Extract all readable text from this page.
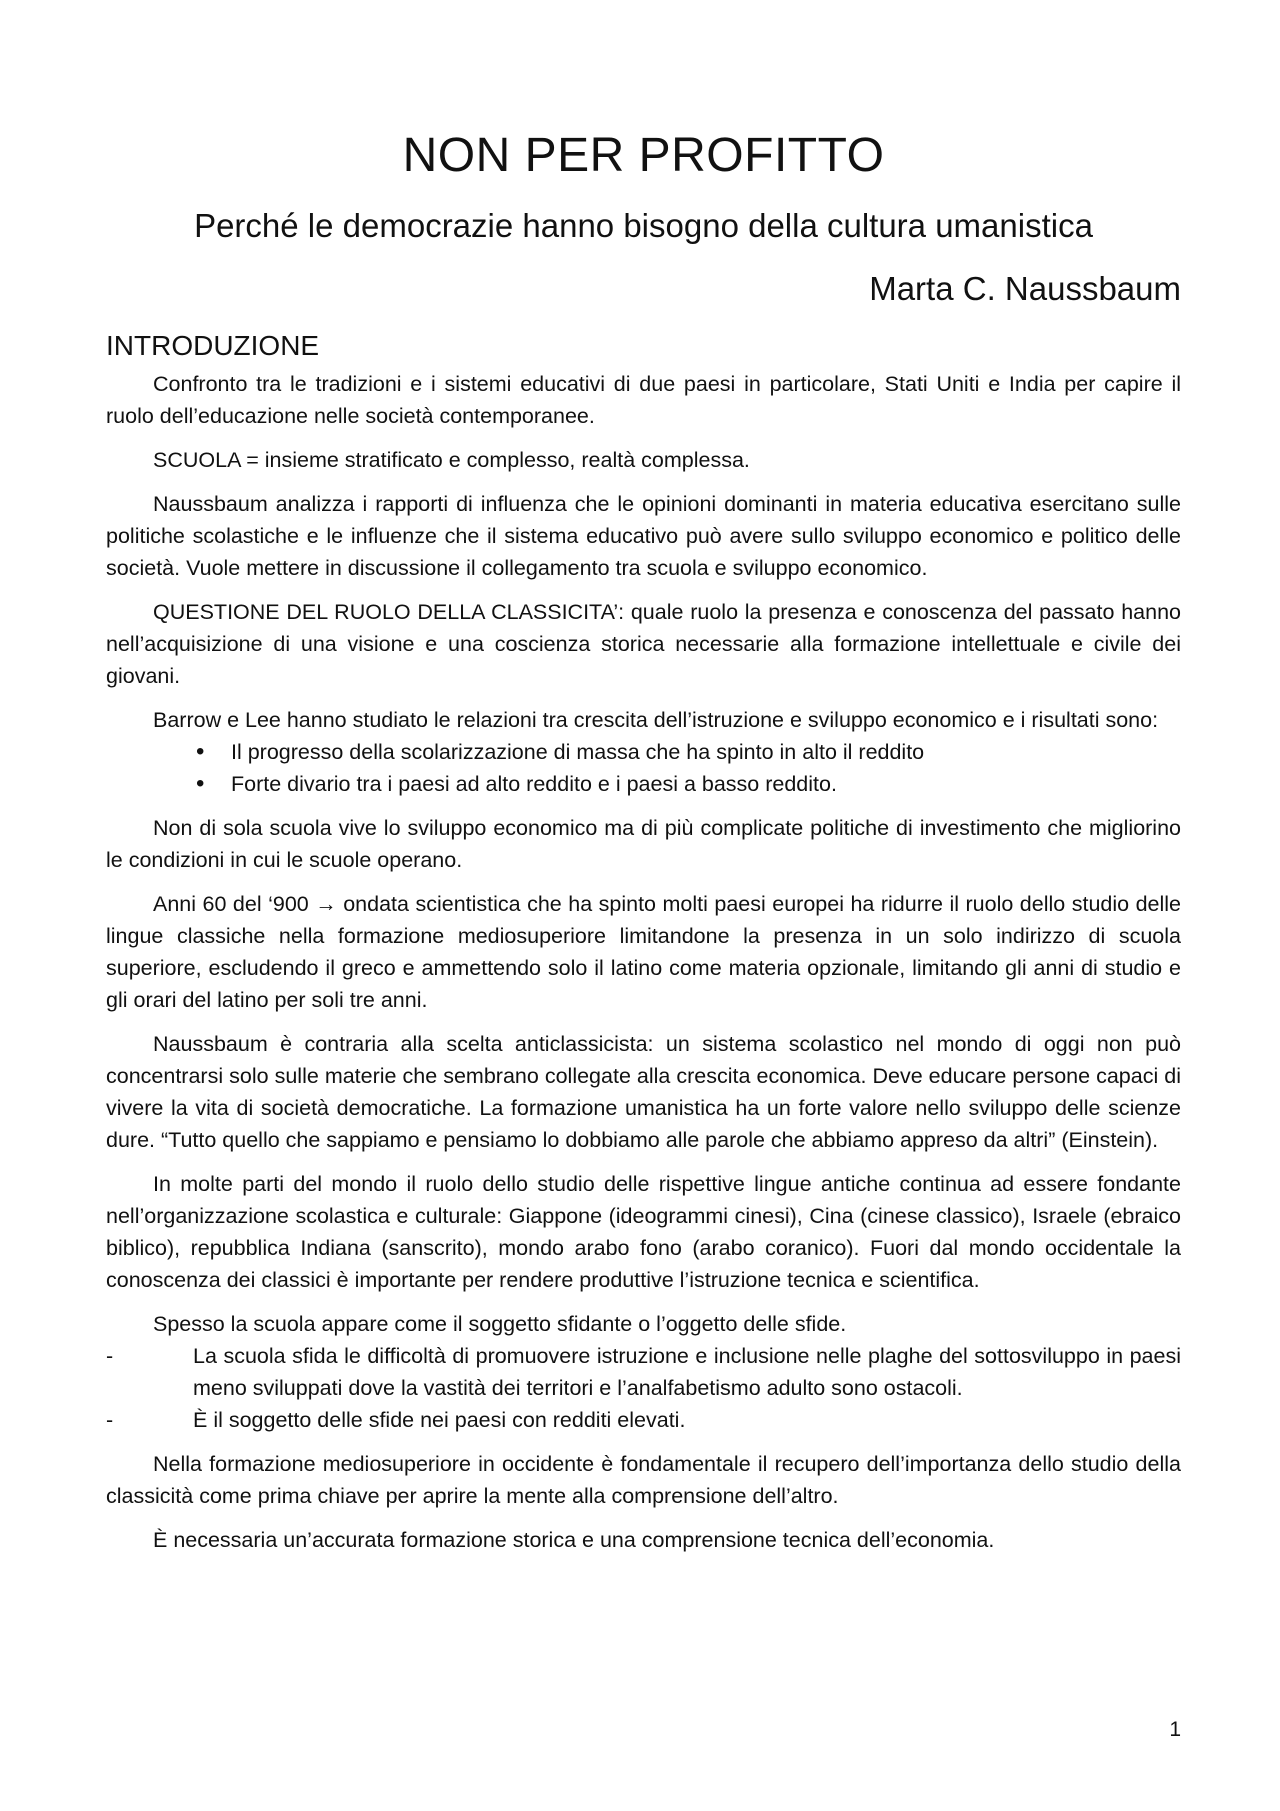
NON PER PROFITTO
Perché le democrazie hanno bisogno della cultura umanistica
Marta C. Naussbaum
INTRODUZIONE

Confronto tra le tradizioni e i sistemi educativi di due paesi in particolare, Stati Uniti e India per capire il ruolo dell’educazione nelle società contemporanee.

SCUOLA = insieme stratificato e complesso, realtà complessa.

Naussbaum analizza i rapporti di influenza che le opinioni dominanti in materia educativa esercitano sulle politiche scolastiche e le influenze che il sistema educativo può avere sullo sviluppo economico e politico delle società. Vuole mettere in discussione il collegamento tra scuola e sviluppo economico.

QUESTIONE DEL RUOLO DELLA CLASSICITA’: quale ruolo la presenza e conoscenza del passato hanno nell’acquisizione di una visione e una coscienza storica necessarie alla formazione intellettuale e civile dei giovani.

Barrow e Lee hanno studiato le relazioni tra crescita dell’istruzione e sviluppo economico e i risultati sono:

• Il progresso della scolarizzazione di massa che ha spinto in alto il reddito
• Forte divario tra i paesi ad alto reddito e i paesi a basso reddito.

Non di sola scuola vive lo sviluppo economico ma di più complicate politiche di investimento che migliorino le condizioni in cui le scuole operano.

Anni 60 del ‘900 → ondata scientistica che ha spinto molti paesi europei ha ridurre il ruolo dello studio delle lingue classiche nella formazione mediosuperiore limitandone la presenza in un solo indirizzo di scuola superiore, escludendo il greco e ammettendo solo il latino come materia opzionale, limitando gli anni di studio e gli orari del latino per soli tre anni.

Naussbaum è contraria alla scelta anticlassicista: un sistema scolastico nel mondo di oggi non può concentrarsi solo sulle materie che sembrano collegate alla crescita economica. Deve educare persone capaci di vivere la vita di società democratiche. La formazione umanistica ha un forte valore nello sviluppo delle scienze dure. “Tutto quello che sappiamo e pensiamo lo dobbiamo alle parole che abbiamo appreso da altri” (Einstein).

In molte parti del mondo il ruolo dello studio delle rispettive lingue antiche continua ad essere fondante nell’organizzazione scolastica e culturale: Giappone (ideogrammi cinesi), Cina (cinese classico), Israele (ebraico biblico), repubblica Indiana (sanscrito), mondo arabo fono (arabo coranico). Fuori dal mondo occidentale la conoscenza dei classici è importante per rendere produttive l’istruzione tecnica e scientifica.

Spesso la scuola appare come il soggetto sfidante o l’oggetto delle sfide.

- La scuola sfida le difficoltà di promuovere istruzione e inclusione nelle plaghe del sottosviluppo in paesi meno sviluppati dove la vastità dei territori e l’analfabetismo adulto sono ostacoli.
- È il soggetto delle sfide nei paesi con redditi elevati.

Nella formazione mediosuperiore in occidente è fondamentale il recupero dell’importanza dello studio della classicità come prima chiave per aprire la mente alla comprensione dell’altro.

È necessaria un’accurata formazione storica e una comprensione tecnica dell’economia.

1
